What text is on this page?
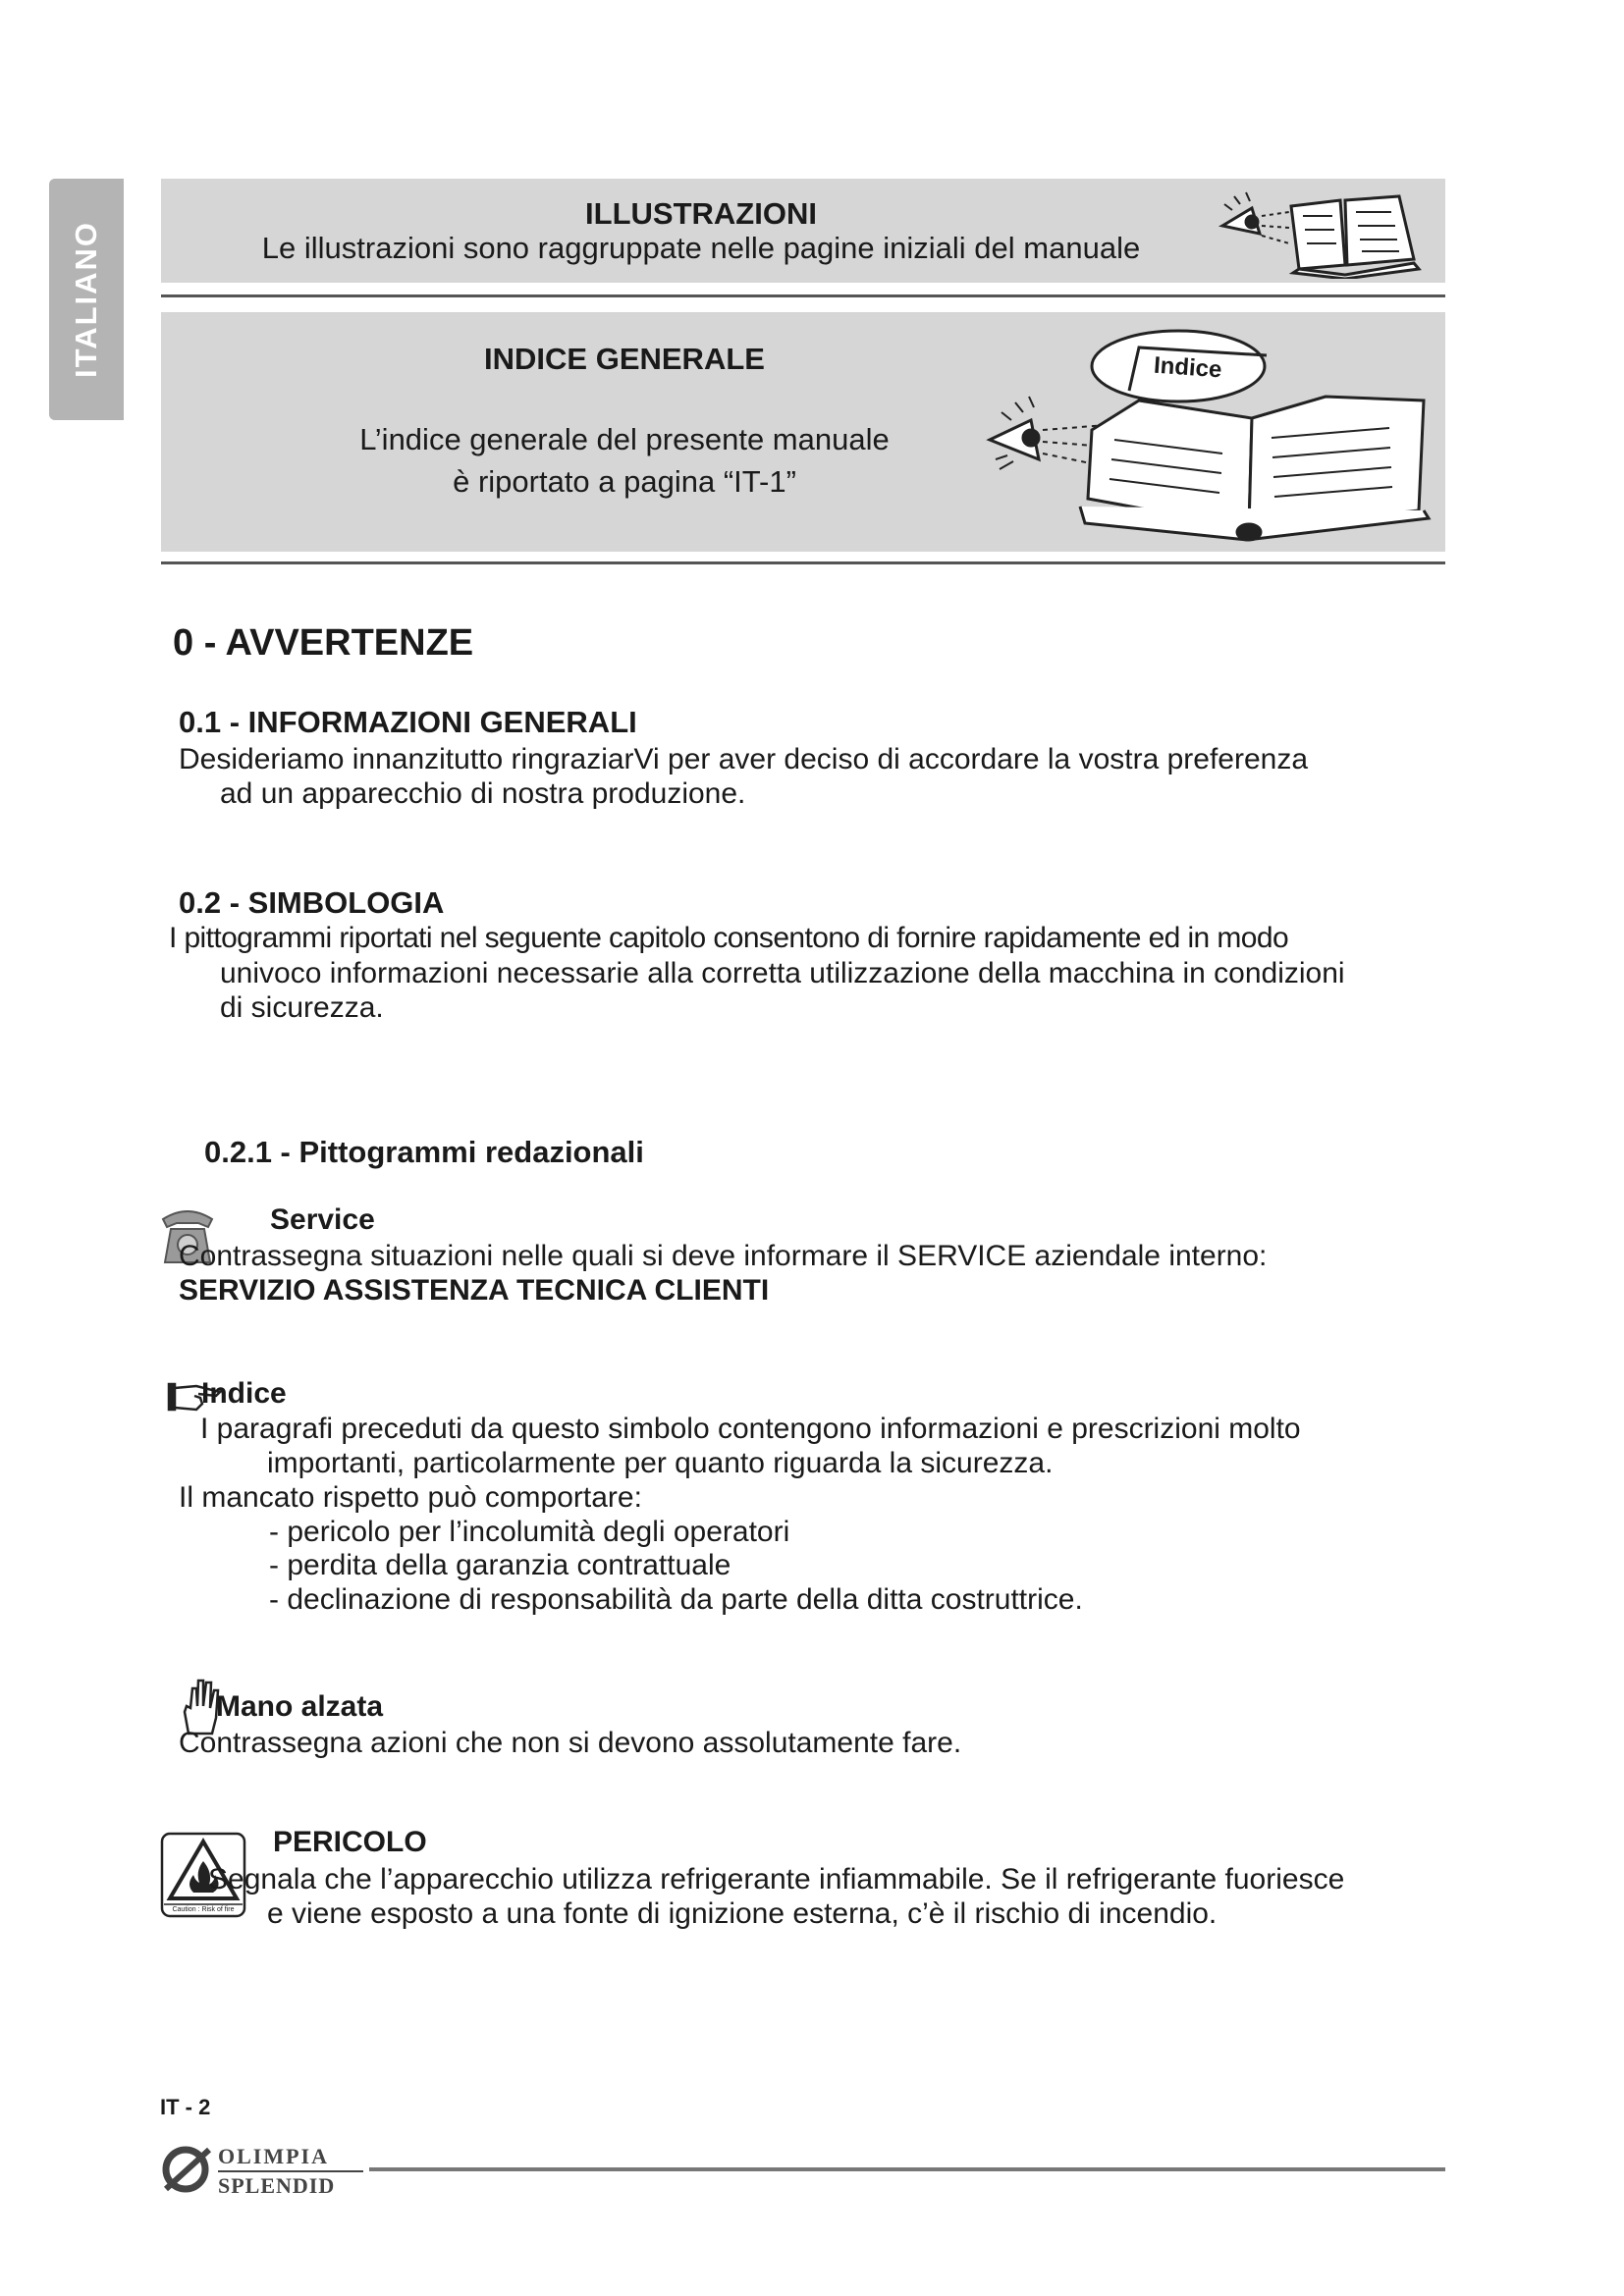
ITALIANO
ILLUSTRAZIONI
Le illustrazioni sono raggruppate nelle pagine iniziali del manuale
INDICE GENERALE
L’indice generale del presente manuale
è riportato a pagina “IT-1”
Indice
0 - AVVERTENZE
0.1 - INFORMAZIONI GENERALI
Desideriamo innanzitutto ringraziarVi per aver deciso di accordare la vostra preferenza
ad un apparecchio di nostra produzione.
0.2 - SIMBOLOGIA
I pittogrammi riportati nel seguente capitolo consentono di fornire rapidamente ed in modo
univoco informazioni necessarie alla corretta utilizzazione della macchina in condizioni
di sicurezza.
0.2.1 - Pittogrammi redazionali
Service
Contrassegna situazioni nelle quali si deve informare il SERVICE aziendale interno:
SERVIZIO ASSISTENZA TECNICA CLIENTI
Indice
I paragrafi preceduti da questo simbolo contengono informazioni e prescrizioni molto
importanti, particolarmente per quanto riguarda la sicurezza.
Il mancato rispetto può comportare:
- pericolo per l’incolumità degli operatori
- perdita della garanzia contrattuale
- declinazione di responsabilità da parte della ditta costruttrice.
Mano alzata
Contrassegna azioni che non si devono assolutamente fare.
Caution : Risk of fire
PERICOLO
Segnala che l’apparecchio utilizza refrigerante infiammabile. Se il refrigerante fuoriesce
e viene esposto a una fonte di ignizione esterna, c’è il rischio di incendio.
IT - 2
OLIMPIA
SPLENDID
